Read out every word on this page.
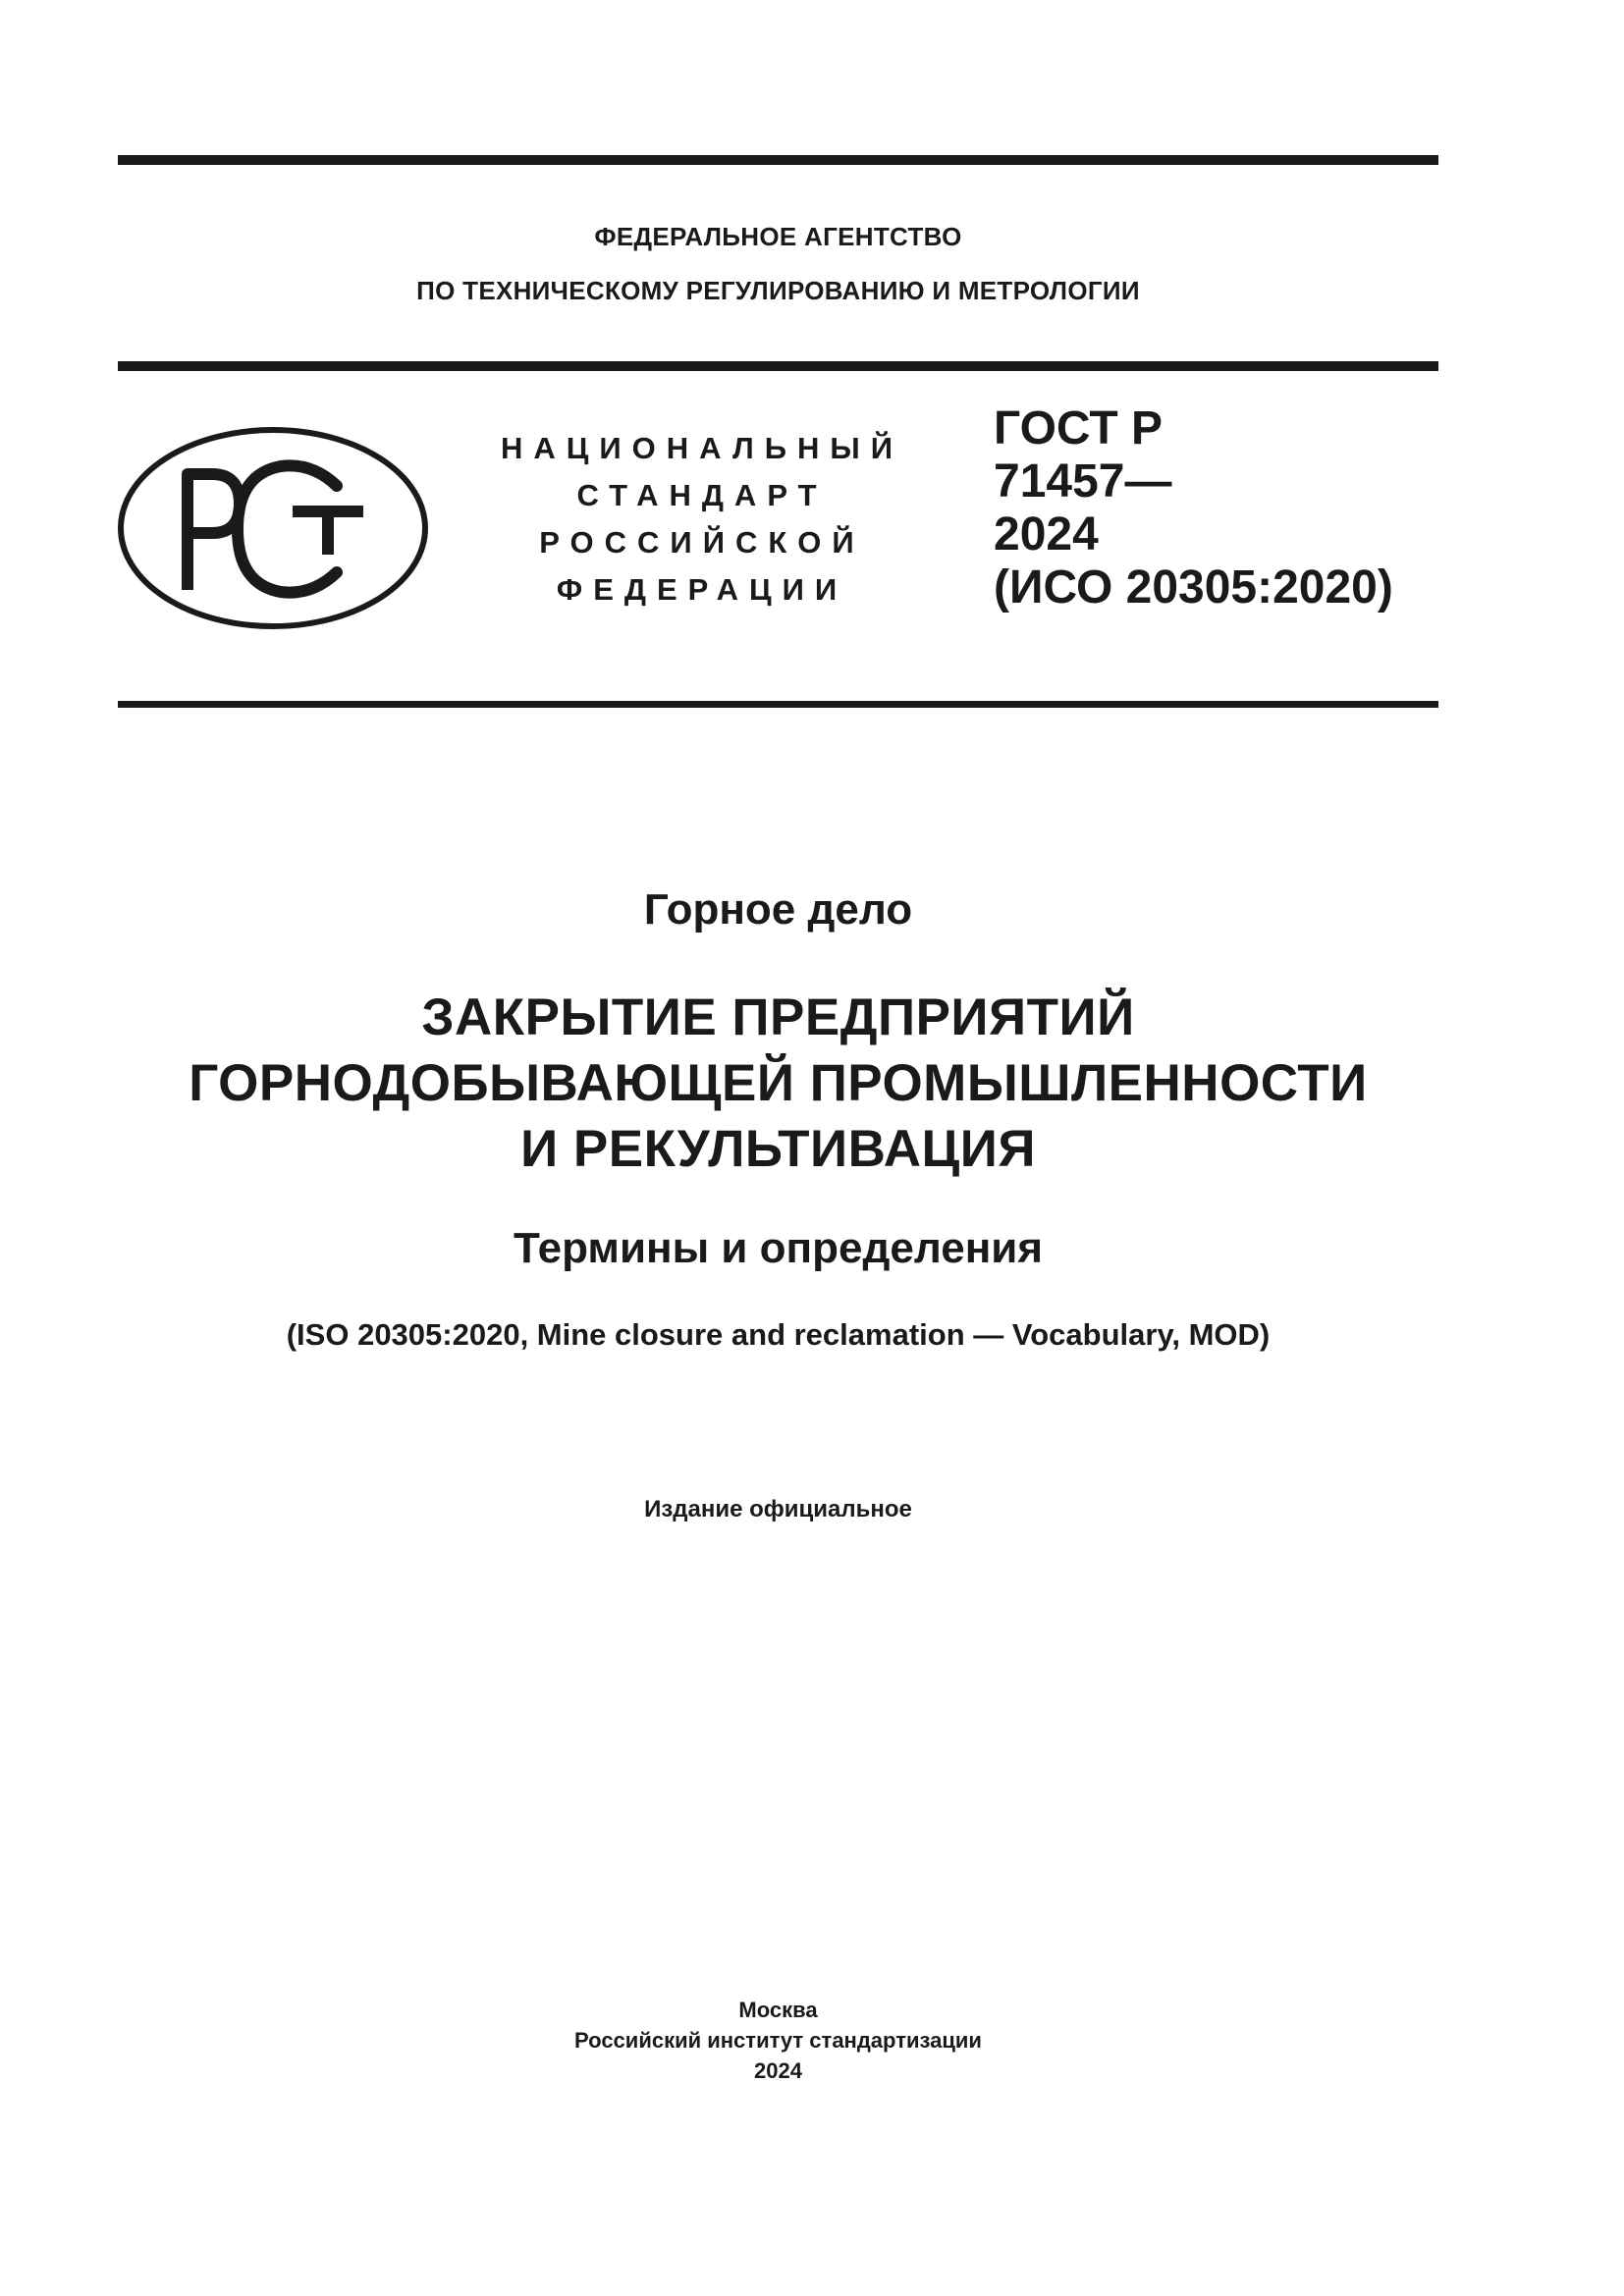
ФЕДЕРАЛЬНОЕ АГЕНТСТВО
ПО ТЕХНИЧЕСКОМУ РЕГУЛИРОВАНИЮ И МЕТРОЛОГИИ
НАЦИОНАЛЬНЫЙ
СТАНДАРТ
РОССИЙСКОЙ
ФЕДЕРАЦИИ
ГОСТ Р
71457—
2024
(ИСО 20305:2020)
Горное дело
ЗАКРЫТИЕ ПРЕДПРИЯТИЙ
ГОРНОДОБЫВАЮЩЕЙ ПРОМЫШЛЕННОСТИ
И РЕКУЛЬТИВАЦИЯ
Термины и определения
(ISO 20305:2020, Mine closure and reclamation — Vocabulary, MOD)
Издание официальное
Москва
Российский институт стандартизации
2024
